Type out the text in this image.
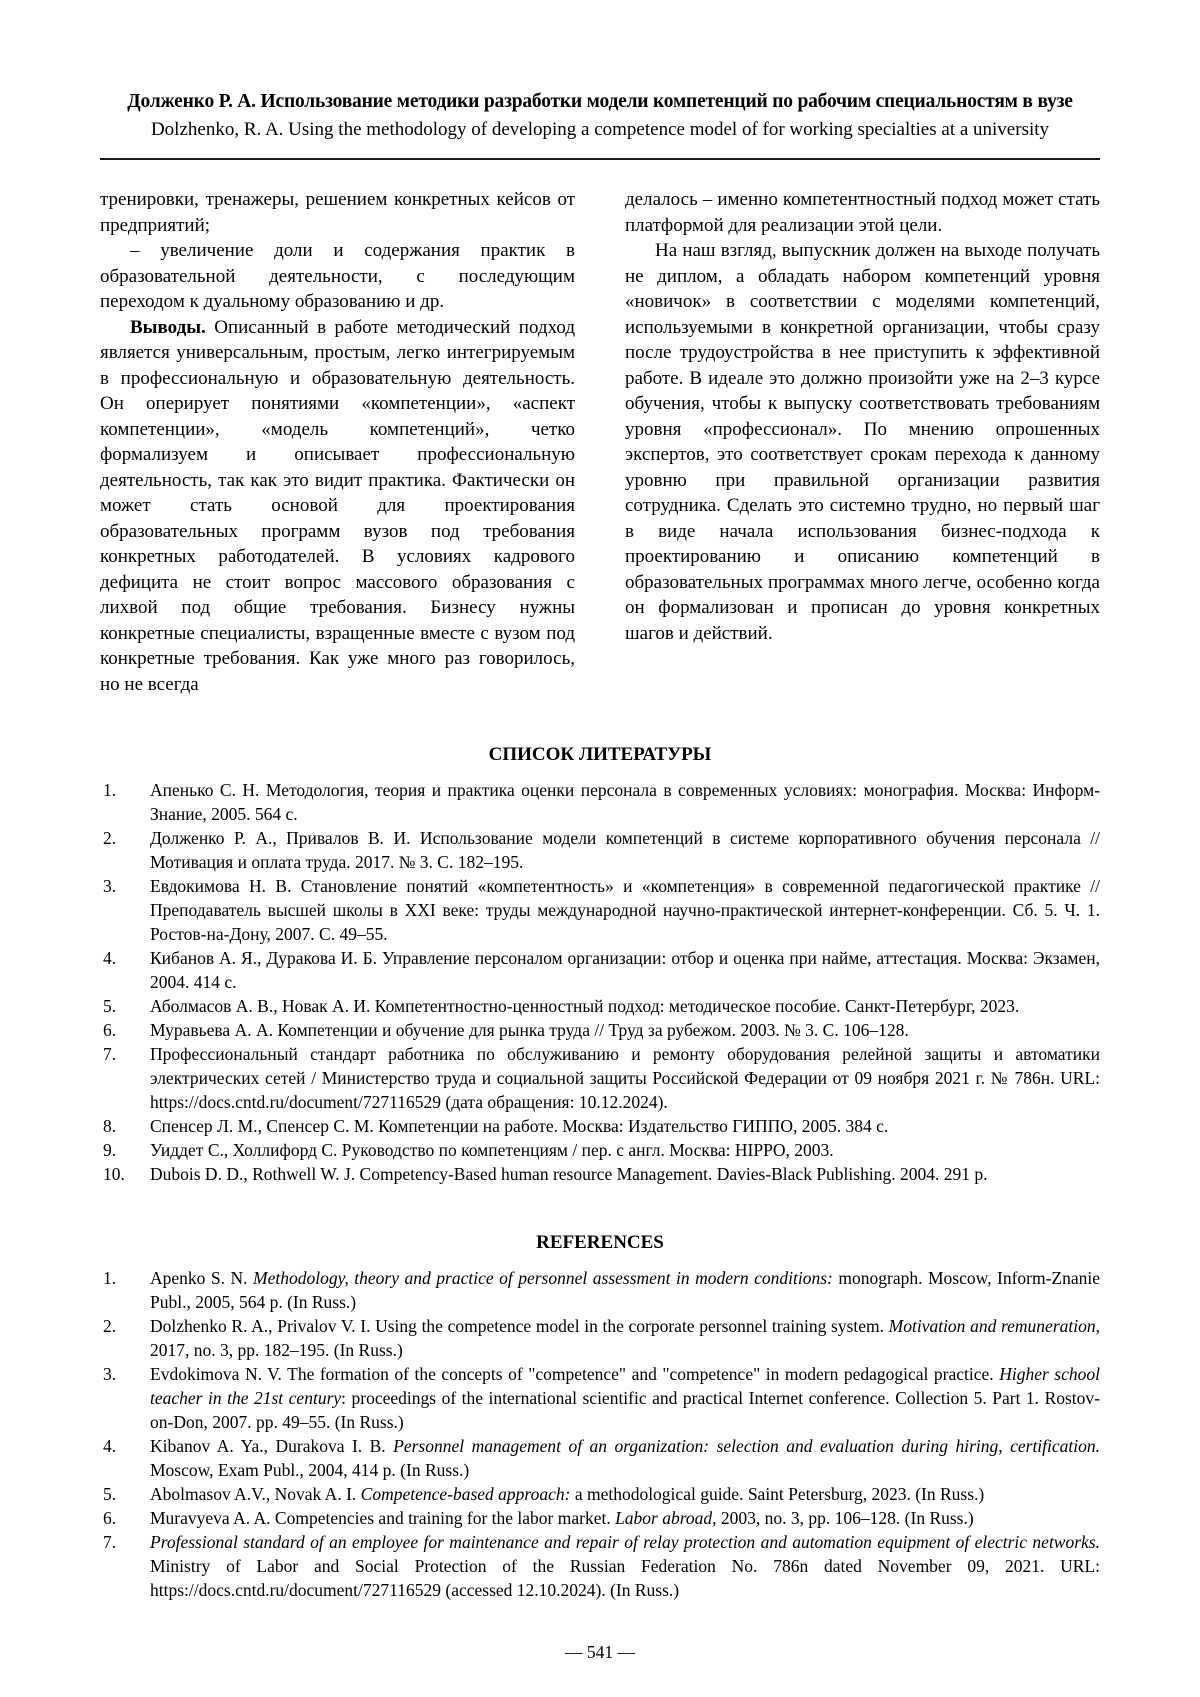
Долженко Р. А. Использование методики разработки модели компетенций по рабочим специальностям в вузе
Dolzhenko, R. A. Using the methodology of developing a competence model of for working specialties at a university

тренировки, тренажеры, решением конкретных кейсов от предприятий;

– увеличение доли и содержания практик в образовательной деятельности, с последующим переходом к дуальному образованию и др.

Выводы. Описанный в работе методический подход является универсальным, простым, легко интегрируемым в профессиональную и образовательную деятельность. Он оперирует понятиями «компетенции», «аспект компетенции», «модель компетенций», четко формализуем и описывает профессиональную деятельность, так как это видит практика. Фактически он может стать основой для проектирования образовательных программ вузов под требования конкретных работодателей. В условиях кадрового дефицита не стоит вопрос массового образования с лихвой под общие требования. Бизнесу нужны конкретные специалисты, взращенные вместе с вузом под конкретные требования. Как уже много раз говорилось, но не всегда

делалось – именно компетентностный подход может стать платформой для реализации этой цели.

На наш взгляд, выпускник должен на выходе получать не диплом, а обладать набором компетенций уровня «новичок» в соответствии с моделями компетенций, используемыми в конкретной организации, чтобы сразу после трудоустройства в нее приступить к эффективной работе. В идеале это должно произойти уже на 2–3 курсе обучения, чтобы к выпуску соответствовать требованиям уровня «профессионал». По мнению опрошенных экспертов, это соответствует срокам перехода к данному уровню при правильной организации развития сотрудника. Сделать это системно трудно, но первый шаг в виде начала использования бизнес-подхода к проектированию и описанию компетенций в образовательных программах много легче, особенно когда он формализован и прописан до уровня конкретных шагов и действий.

СПИСОК ЛИТЕРАТУРЫ
1. Апенько С. Н. Методология, теория и практика оценки персонала в современных условиях: монография. Москва: Информ-Знание, 2005. 564 с.
2. Долженко Р. А., Привалов В. И. Использование модели компетенций в системе корпоративного обучения персонала // Мотивация и оплата труда. 2017. № 3. С. 182–195.
3. Евдокимова Н. В. Становление понятий «компетентность» и «компетенция» в современной педагогической практике // Преподаватель высшей школы в XXI веке: труды международной научно-практической интернет-конференции. Сб. 5. Ч. 1. Ростов-на-Дону, 2007. С. 49–55.
4. Кибанов А. Я., Дуракова И. Б. Управление персоналом организации: отбор и оценка при найме, аттестация. Москва: Экзамен, 2004. 414 с.
5. Аболмасов А. В., Новак А. И. Компетентностно-ценностный подход: методическое пособие. Санкт-Петербург, 2023.
6. Муравьева А. А. Компетенции и обучение для рынка труда // Труд за рубежом. 2003. № 3. С. 106–128.
7. Профессиональный стандарт работника по обслуживанию и ремонту оборудования релейной защиты и автоматики электрических сетей / Министерство труда и социальной защиты Российской Федерации от 09 ноября 2021 г. № 786н. URL: https://docs.cntd.ru/document/727116529 (дата обращения: 10.12.2024).
8. Спенсер Л. М., Спенсер С. М. Компетенции на работе. Москва: Издательство ГИППО, 2005. 384 с.
9. Уиддет С., Холлифорд С. Руководство по компетенциям / пер. с англ. Москва: HIPPO, 2003.
10. Dubois D. D., Rothwell W. J. Competency-Based human resource Management. Davies-Black Publishing. 2004. 291 p.
REFERENCES
1. Apenko S. N. Methodology, theory and practice of personnel assessment in modern conditions: monograph. Moscow, Inform-Znanie Publ., 2005, 564 p. (In Russ.)
2. Dolzhenko R. A., Privalov V. I. Using the competence model in the corporate personnel training system. Motivation and remuneration, 2017, no. 3, pp. 182–195. (In Russ.)
3. Evdokimova N. V. The formation of the concepts of "competence" and "competence" in modern pedagogical practice. Higher school teacher in the 21st century: proceedings of the international scientific and practical Internet conference. Collection 5. Part 1. Rostov-on-Don, 2007. pp. 49–55. (In Russ.)
4. Kibanov A. Ya., Durakova I. B. Personnel management of an organization: selection and evaluation during hiring, certification. Moscow, Exam Publ., 2004, 414 p. (In Russ.)
5. Abolmasov A.V., Novak A. I. Competence-based approach: a methodological guide. Saint Petersburg, 2023. (In Russ.)
6. Muravyeva A. A. Competencies and training for the labor market. Labor abroad, 2003, no. 3, pp. 106–128. (In Russ.)
7. Professional standard of an employee for maintenance and repair of relay protection and automation equipment of electric networks. Ministry of Labor and Social Protection of the Russian Federation No. 786n dated November 09, 2021. URL: https://docs.cntd.ru/document/727116529 (accessed 12.10.2024). (In Russ.)
— 541 —
